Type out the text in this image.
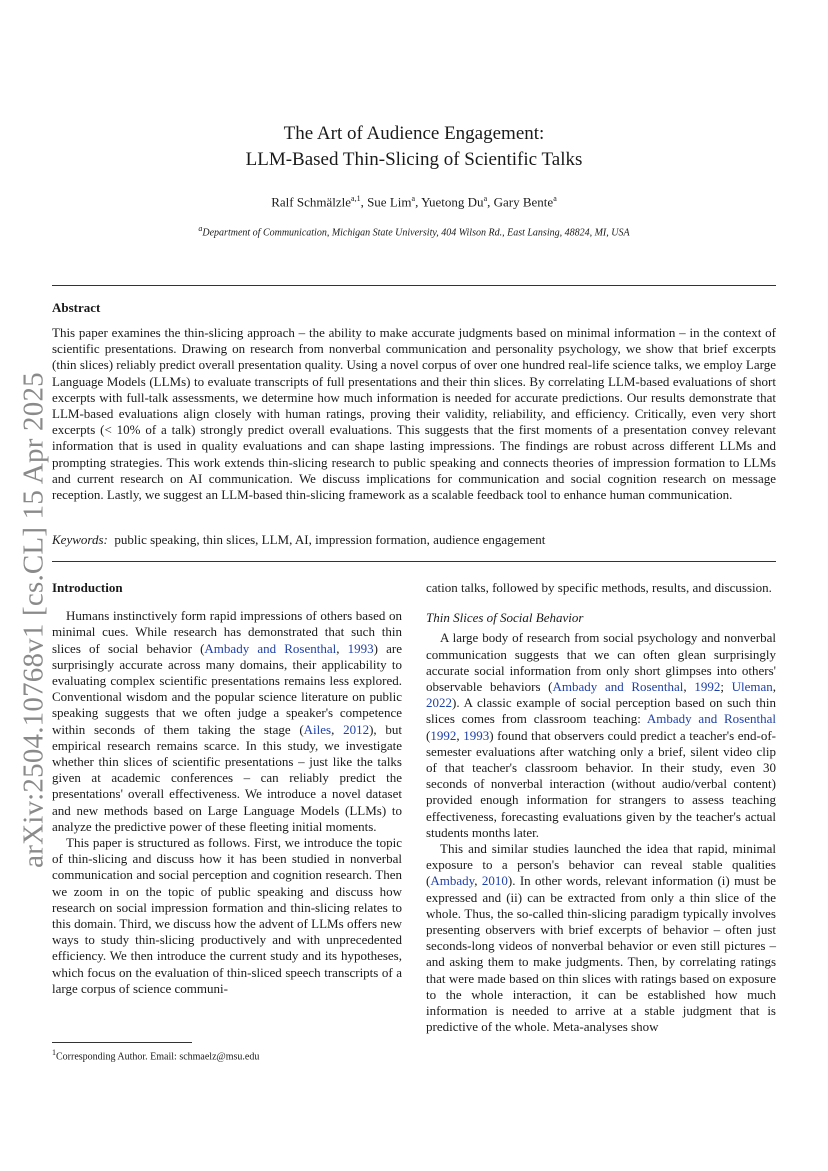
arXiv:2504.10768v1 [cs.CL] 15 Apr 2025
The Art of Audience Engagement:
LLM-Based Thin-Slicing of Scientific Talks
Ralf Schmälzle$^{a,1}$, Sue Lim$^a$, Yuetong Du$^a$, Gary Bente$^a$
$^a$Department of Communication, Michigan State University, 404 Wilson Rd., East Lansing, 48824, MI, USA
Abstract
This paper examines the thin-slicing approach – the ability to make accurate judgments based on minimal information – in the context of scientific presentations. Drawing on research from nonverbal communication and personality psychology, we show that brief excerpts (thin slices) reliably predict overall presentation quality. Using a novel corpus of over one hundred real-life science talks, we employ Large Language Models (LLMs) to evaluate transcripts of full presentations and their thin slices. By correlating LLM-based evaluations of short excerpts with full-talk assessments, we determine how much information is needed for accurate predictions. Our results demonstrate that LLM-based evaluations align closely with human ratings, proving their validity, reliability, and efficiency. Critically, even very short excerpts (< 10% of a talk) strongly predict overall evaluations. This suggests that the first moments of a presentation convey relevant information that is used in quality evaluations and can shape lasting impressions. The findings are robust across different LLMs and prompting strategies. This work extends thin-slicing research to public speaking and connects theories of impression formation to LLMs and current research on AI communication. We discuss implications for communication and social cognition research on message reception. Lastly, we suggest an LLM-based thin-slicing framework as a scalable feedback tool to enhance human communication.
Keywords: public speaking, thin slices, LLM, AI, impression formation, audience engagement
Introduction

Humans instinctively form rapid impressions of others based on minimal cues. While research has demonstrated that such thin slices of social behavior (Ambady and Rosenthal, 1993) are surprisingly accurate across many domains, their applicability to evaluating complex scientific presentations remains less explored. Conventional wisdom and the popular science literature on public speaking suggests that we often judge a speaker's competence within seconds of them taking the stage (Ailes, 2012), but empirical research remains scarce. In this study, we investigate whether thin slices of scientific presentations – just like the talks given at academic conferences – can reliably predict the presentations' overall effectiveness. We introduce a novel dataset and new methods based on Large Language Models (LLMs) to analyze the predictive power of these fleeting initial moments.

This paper is structured as follows. First, we introduce the topic of thin-slicing and discuss how it has been studied in nonverbal communication and social perception and cognition research. Then we zoom in on the topic of public speaking and discuss how research on social impression formation and thin-slicing relates to this domain. Third, we discuss how the advent of LLMs offers new ways to study thin-slicing productively and with unprecedented efficiency. We then introduce the current study and its hypotheses, which focus on the evaluation of thin-sliced speech transcripts of a large corpus of science communi-

cation talks, followed by specific methods, results, and discussion.

Thin Slices of Social Behavior

A large body of research from social psychology and nonverbal communication suggests that we can often glean surprisingly accurate social information from only short glimpses into others' observable behaviors (Ambady and Rosenthal, 1992; Uleman, 2022). A classic example of social perception based on such thin slices comes from classroom teaching: Ambady and Rosenthal (1992, 1993) found that observers could predict a teacher's end-of-semester evaluations after watching only a brief, silent video clip of that teacher's classroom behavior. In their study, even 30 seconds of nonverbal interaction (without audio/verbal content) provided enough information for strangers to assess teaching effectiveness, forecasting evaluations given by the teacher's actual students months later.

This and similar studies launched the idea that rapid, minimal exposure to a person's behavior can reveal stable qualities (Ambady, 2010). In other words, relevant information (i) must be expressed and (ii) can be extracted from only a thin slice of the whole. Thus, the so-called thin-slicing paradigm typically involves presenting observers with brief excerpts of behavior – often just seconds-long videos of nonverbal behavior or even still pictures – and asking them to make judgments. Then, by correlating ratings that were made based on thin slices with ratings based on exposure to the whole interaction, it can be established how much information is needed to arrive at a stable judgment that is predictive of the whole. Meta-analyses show

$^1$Corresponding Author. Email: schmaelz@msu.edu
